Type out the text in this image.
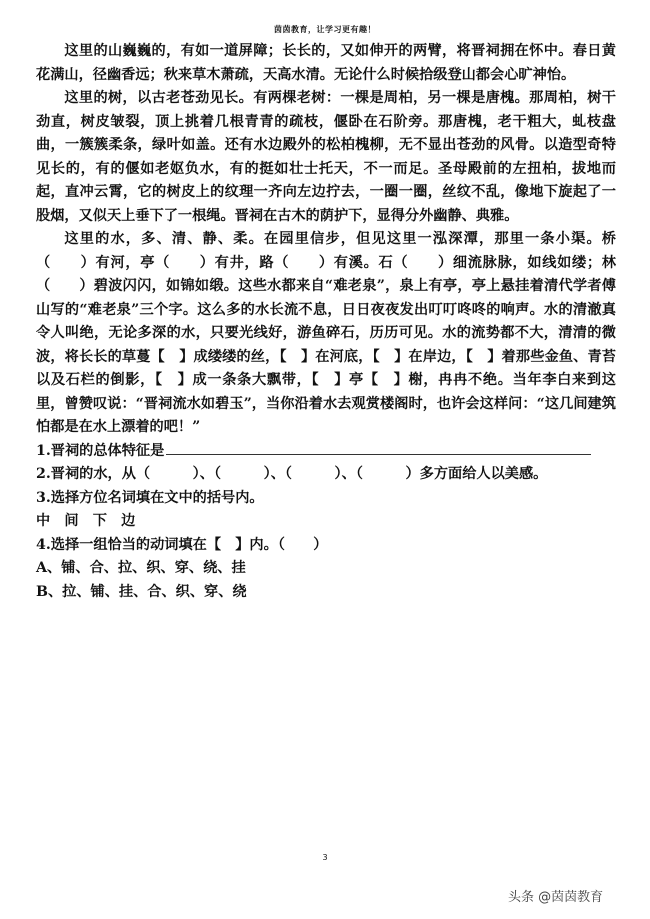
茵茵教育，让学习更有趣！

这里的山巍巍的，有如一道屏障；长长的，又如伸开的两臂，将晋祠拥在怀中。春日黄花满山，径幽香远；秋来草木萧疏，天高水清。无论什么时候拾级登山都会心旷神怡。

这里的树，以古老苍劲见长。有两棵老树：一棵是周柏，另一棵是唐槐。那周柏，树干劲直，树皮皱裂，顶上挑着几根青青的疏枝，偃卧在石阶旁。那唐槐，老干粗大，虬枝盘曲，一簇簇柔条，绿叶如盖。还有水边殿外的松柏槐柳，无不显出苍劲的风骨。以造型奇特见长的，有的偃如老妪负水，有的挺如壮士托天，不一而足。圣母殿前的左扭柏，拔地而起，直冲云霄，它的树皮上的纹理一齐向左边拧去，一圈一圈，丝纹不乱，像地下旋起了一股烟，又似天上垂下了一根绳。晋祠在古木的荫护下，显得分外幽静、典雅。

这里的水，多、清、静、柔。在园里信步，但见这里一泓深潭，那里一条小渠。桥（　　）有河，亭（　　）有井，路（　　）有溪。石（　　）细流脉脉，如线如缕；林（　　）碧波闪闪，如锦如缎。这些水都来自“难老泉”，泉上有亭，亭上悬挂着清代学者傅山写的“难老泉”三个字。这么多的水长流不息，日日夜夜发出叮叮咚咚的响声。水的清澈真令人叫绝，无论多深的水，只要光线好，游鱼碎石，历历可见。水的流势都不大，清清的微波，将长长的草蔓【　】成缕缕的丝，【　】在河底，【　】在岸边，【　】着那些金鱼、青苔以及石栏的倒影，【　】成一条条大飘带，【　】亭【　】榭，冉冉不绝。当年李白来到这里，曾赞叹说：“晋祠流水如碧玉”，当你沿着水去观赏楼阁时，也许会这样问：“这几间建筑怕都是在水上漂着的吧！”

1.晋祠的总体特征是
2.晋祠的水，从（　　　）、（　　　）、（　　　）、（　　　）多方面给人以美感。
3.选择方位名词填在文中的括号内。
中　间　下　边
4.选择一组恰当的动词填在【　】内。（　　）
A、铺、合、拉、织、穿、绕、挂
B、拉、铺、挂、合、织、穿、绕
3
头条 @茵茵教育
